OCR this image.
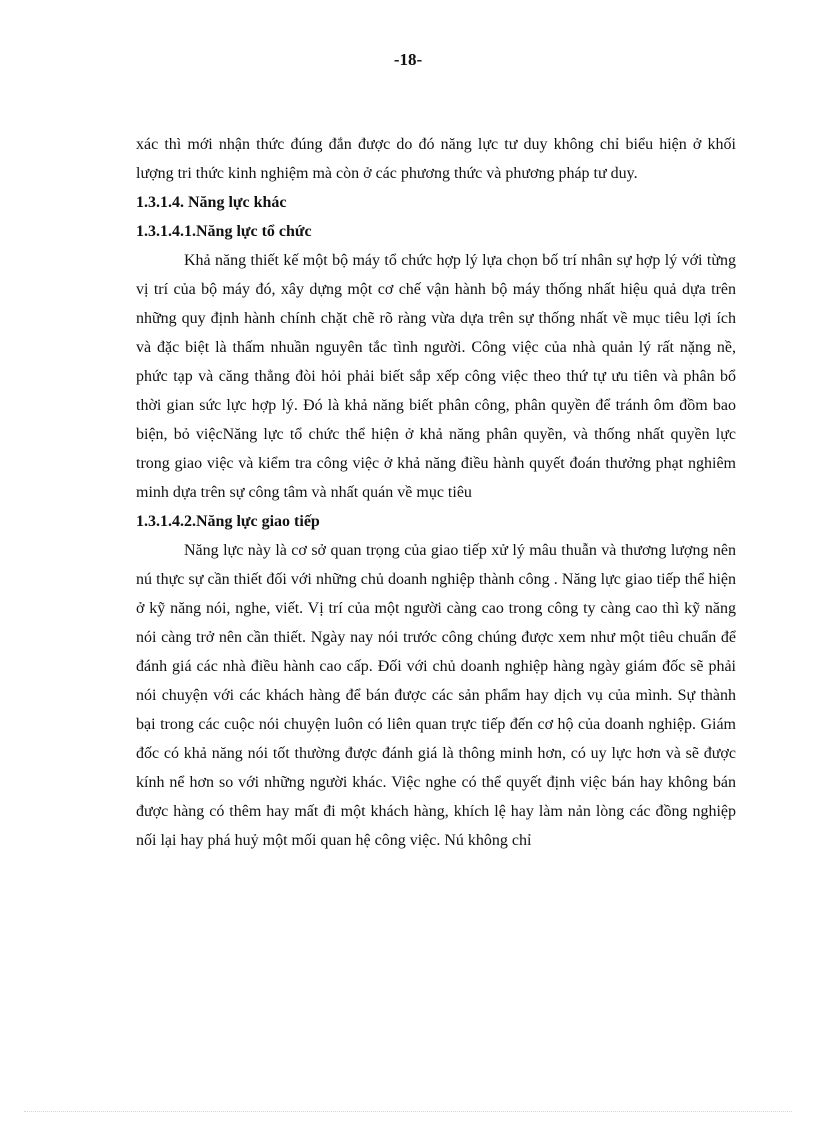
-18-

xác thì mới nhận thức đúng đắn được do đó năng lực tư duy không chỉ biểu hiện ở khối lượng tri thức kinh nghiệm mà còn ở các phương thức và phương pháp tư duy.

1.3.1.4. Năng lực khác

1.3.1.4.1.Năng lực tổ chức

Khả năng thiết kế một bộ máy tổ chức hợp lý lựa chọn bố trí nhân sự hợp lý với từng vị trí của bộ máy đó, xây dựng một cơ chế vận hành bộ máy thống nhất hiệu quả dựa trên những quy định hành chính chặt chẽ rõ ràng vừa dựa trên sự thống nhất về mục tiêu lợi ích và đặc biệt là thấm nhuần nguyên tắc tình người. Công việc của nhà quản lý rất nặng nề, phức tạp và căng thẳng đòi hỏi phải biết sắp xếp công việc theo thứ tự ưu tiên và phân bổ thời gian sức lực hợp lý. Đó là khả năng biết phân công, phân quyền để tránh ôm đồm bao biện, bỏ việcNăng lực tổ chức thể hiện ở khả năng phân quyền, và thống nhất quyền lực trong giao việc và kiểm tra công việc ở khả năng điều hành quyết đoán thưởng phạt nghiêm minh dựa trên sự công tâm và nhất quán về mục tiêu

1.3.1.4.2.Năng lực giao tiếp

Năng lực này là cơ sở quan trọng của giao tiếp xử lý mâu thuẫn và thương lượng nên nú thực sự cần thiết đối với những chủ doanh nghiệp thành công . Năng lực giao tiếp thể hiện ở kỹ năng nói, nghe, viết. Vị trí của một người càng cao trong công ty càng cao thì kỹ năng nói càng trở nên cần thiết. Ngày nay nói trước công chúng được xem như một tiêu chuẩn để đánh giá các nhà điều hành cao cấp. Đối với chủ doanh nghiệp hàng ngày giám đốc sẽ phải nói chuyện với các khách hàng để bán được các sản phẩm hay dịch vụ của mình. Sự thành bại trong các cuộc nói chuyện luôn có liên quan trực tiếp đến cơ hộ của doanh nghiệp. Giám đốc có khả năng nói tốt thường được đánh giá là thông minh hơn, có uy lực hơn và sẽ được kính nể hơn so với những người khác. Việc nghe có thể quyết định việc bán hay không bán được hàng có thêm hay mất đi một khách hàng, khích lệ hay làm nản lòng các đồng nghiệp nối lại hay phá huỷ một mối quan hệ công việc. Nú không chỉ
